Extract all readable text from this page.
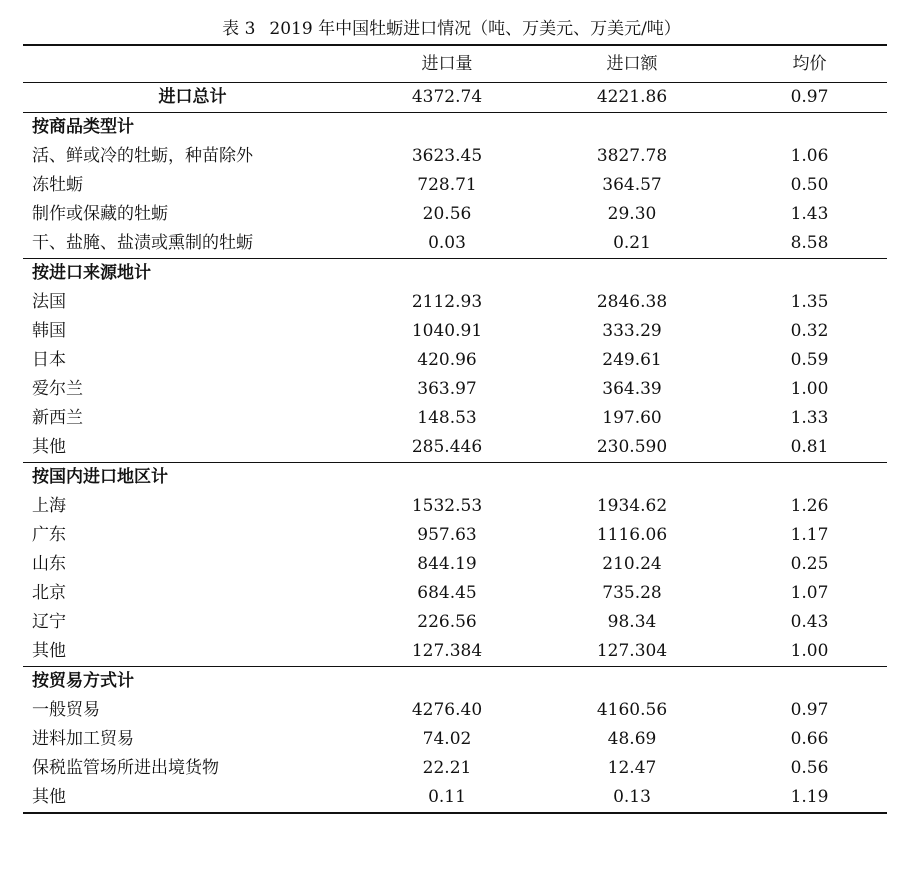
表 3 2019 年中国牡蛎进口情况（吨、万美元、万美元/吨）
	进口量	进口额	均价
进口总计	4372.74	4221.86	0.97
按商品类型计			
活、鲜或冷的牡蛎，种苗除外	3623.45	3827.78	1.06
冻牡蛎	728.71	364.57	0.50
制作或保藏的牡蛎	20.56	29.30	1.43
干、盐腌、盐渍或熏制的牡蛎	0.03	0.21	8.58
按进口来源地计			
法国	2112.93	2846.38	1.35
韩国	1040.91	333.29	0.32
日本	420.96	249.61	0.59
爱尔兰	363.97	364.39	1.00
新西兰	148.53	197.60	1.33
其他	285.446	230.590	0.81
按国内进口地区计			
上海	1532.53	1934.62	1.26
广东	957.63	1116.06	1.17
山东	844.19	210.24	0.25
北京	684.45	735.28	1.07
辽宁	226.56	98.34	0.43
其他	127.384	127.304	1.00
按贸易方式计			
一般贸易	4276.40	4160.56	0.97
进料加工贸易	74.02	48.69	0.66
保税监管场所进出境货物	22.21	12.47	0.56
其他	0.11	0.13	1.19
